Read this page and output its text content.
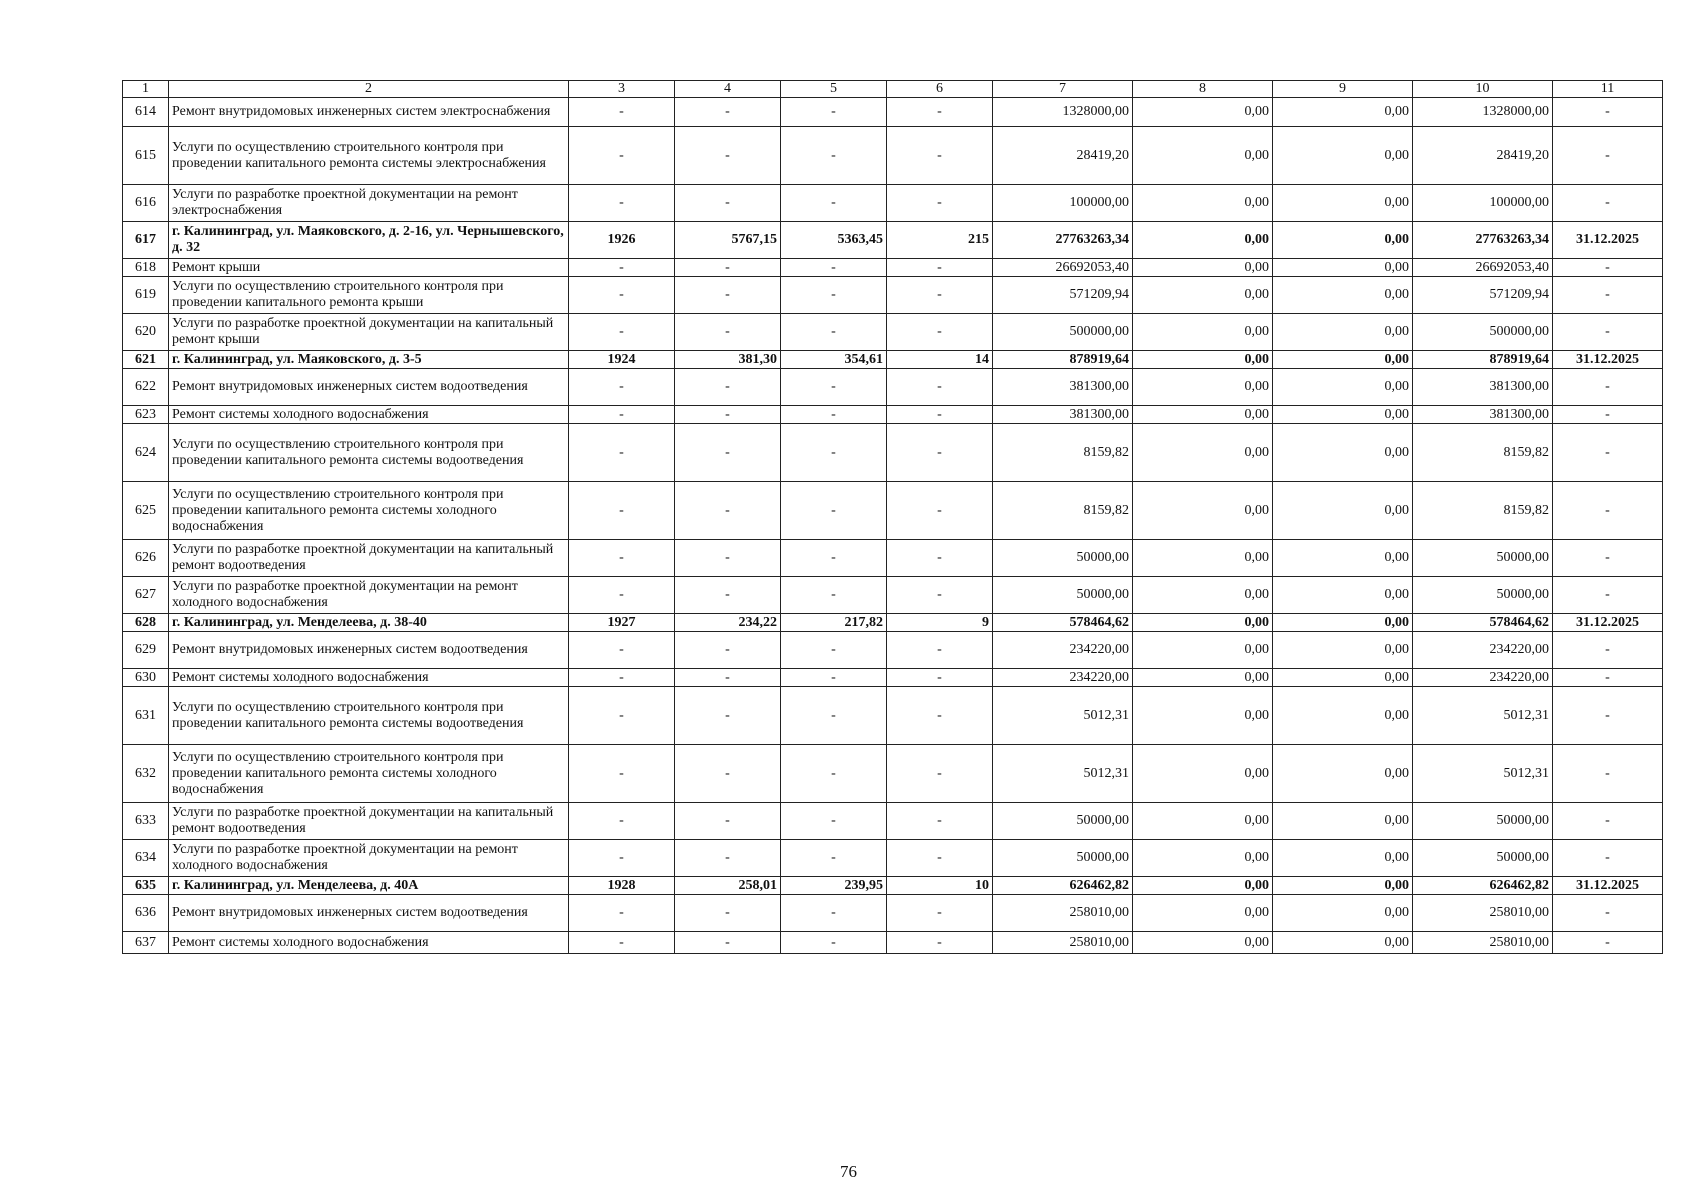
1	2	3	4	5	6	7	8	9	10	11
614	Ремонт внутридомовых инженерных систем электроснабжения	-	-	-	-	1328000,00	0,00	0,00	1328000,00	-
615	Услуги по осуществлению строительного контроля при проведении капитального ремонта системы электроснабжения	-	-	-	-	28419,20	0,00	0,00	28419,20	-
616	Услуги по разработке проектной документации на ремонт электроснабжения	-	-	-	-	100000,00	0,00	0,00	100000,00	-
617	г. Калининград, ул. Маяковского, д. 2-16, ул. Чернышевского, д. 32	1926	5767,15	5363,45	215	27763263,34	0,00	0,00	27763263,34	31.12.2025
618	Ремонт крыши	-	-	-	-	26692053,40	0,00	0,00	26692053,40	-
619	Услуги по осуществлению строительного контроля при проведении капитального ремонта крыши	-	-	-	-	571209,94	0,00	0,00	571209,94	-
620	Услуги по разработке проектной документации на капитальный ремонт крыши	-	-	-	-	500000,00	0,00	0,00	500000,00	-
621	г. Калининград, ул. Маяковского, д. 3-5	1924	381,30	354,61	14	878919,64	0,00	0,00	878919,64	31.12.2025
622	Ремонт внутридомовых инженерных систем водоотведения	-	-	-	-	381300,00	0,00	0,00	381300,00	-
623	Ремонт системы холодного водоснабжения	-	-	-	-	381300,00	0,00	0,00	381300,00	-
624	Услуги по осуществлению строительного контроля при проведении капитального ремонта системы водоотведения	-	-	-	-	8159,82	0,00	0,00	8159,82	-
625	Услуги по осуществлению строительного контроля при проведении капитального ремонта системы холодного водоснабжения	-	-	-	-	8159,82	0,00	0,00	8159,82	-
626	Услуги по разработке проектной документации на капитальный ремонт водоотведения	-	-	-	-	50000,00	0,00	0,00	50000,00	-
627	Услуги по разработке проектной документации на ремонт холодного водоснабжения	-	-	-	-	50000,00	0,00	0,00	50000,00	-
628	г. Калининград, ул. Менделеева, д. 38-40	1927	234,22	217,82	9	578464,62	0,00	0,00	578464,62	31.12.2025
629	Ремонт внутридомовых инженерных систем водоотведения	-	-	-	-	234220,00	0,00	0,00	234220,00	-
630	Ремонт системы холодного водоснабжения	-	-	-	-	234220,00	0,00	0,00	234220,00	-
631	Услуги по осуществлению строительного контроля при проведении капитального ремонта системы водоотведения	-	-	-	-	5012,31	0,00	0,00	5012,31	-
632	Услуги по осуществлению строительного контроля при проведении капитального ремонта системы холодного водоснабжения	-	-	-	-	5012,31	0,00	0,00	5012,31	-
633	Услуги по разработке проектной документации на капитальный ремонт водоотведения	-	-	-	-	50000,00	0,00	0,00	50000,00	-
634	Услуги по разработке проектной документации на ремонт холодного водоснабжения	-	-	-	-	50000,00	0,00	0,00	50000,00	-
635	г. Калининград, ул. Менделеева, д. 40А	1928	258,01	239,95	10	626462,82	0,00	0,00	626462,82	31.12.2025
636	Ремонт внутридомовых инженерных систем водоотведения	-	-	-	-	258010,00	0,00	0,00	258010,00	-
637	Ремонт системы холодного водоснабжения	-	-	-	-	258010,00	0,00	0,00	258010,00	-
76
